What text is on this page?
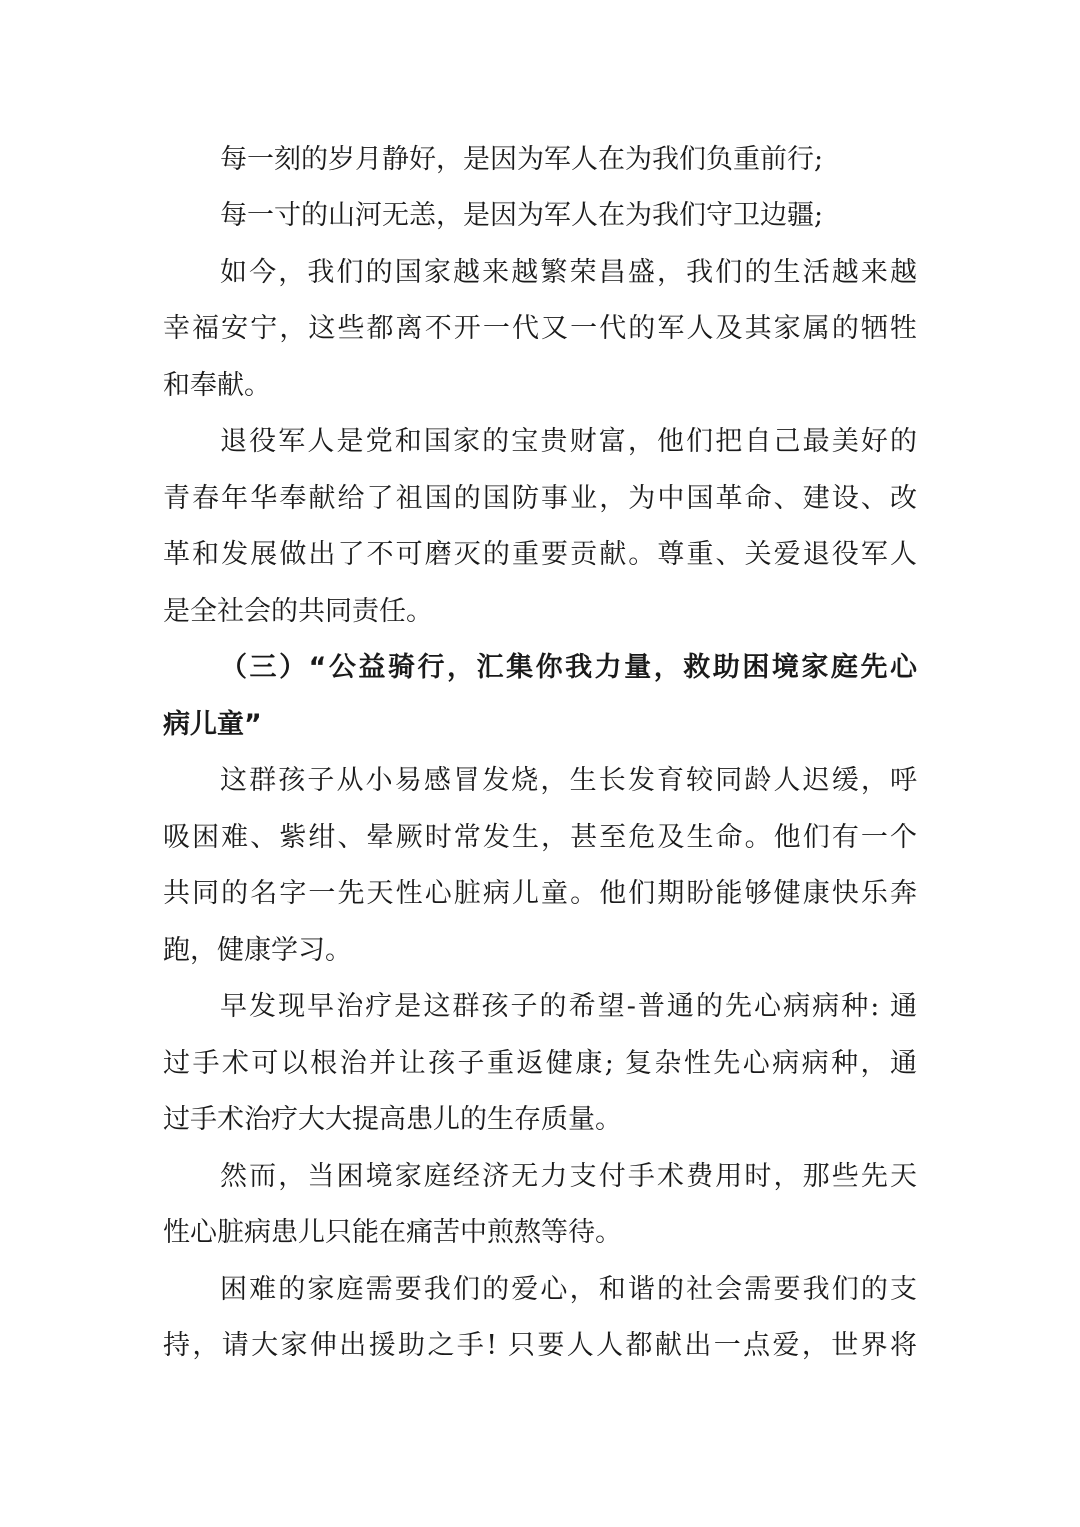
每一刻的岁月静好，是因为军人在为我们负重前行;

每一寸的山河无恙，是因为军人在为我们守卫边疆;

如今，我们的国家越来越繁荣昌盛，我们的生活越来越

幸福安宁，这些都离不开一代又一代的军人及其家属的牺牲

和奉献。

退役军人是党和国家的宝贵财富，他们把自己最美好的

青春年华奉献给了祖国的国防事业，为中国革命、建设、改

革和发展做出了不可磨灭的重要贡献。尊重、关爱退役军人

是全社会的共同责任。

（三）“公益骑行，汇集你我力量，救助困境家庭先心

病儿童”

这群孩子从小易感冒发烧，生长发育较同龄人迟缓，呼

吸困难、紫绀、晕厥时常发生，甚至危及生命。他们有一个

共同的名字一先天性心脏病儿童。他们期盼能够健康快乐奔

跑，健康学习。

早发现早治疗是这群孩子的希望-普通的先心病病种: 通

过手术可以根治并让孩子重返健康; 复杂性先心病病种，通

过手术治疗大大提高患儿的生存质量。

然而，当困境家庭经济无力支付手术费用时，那些先天

性心脏病患儿只能在痛苦中煎熬等待。

困难的家庭需要我们的爱心，和谐的社会需要我们的支

持，请大家伸出援助之手! 只要人人都献出一点爱，世界将
